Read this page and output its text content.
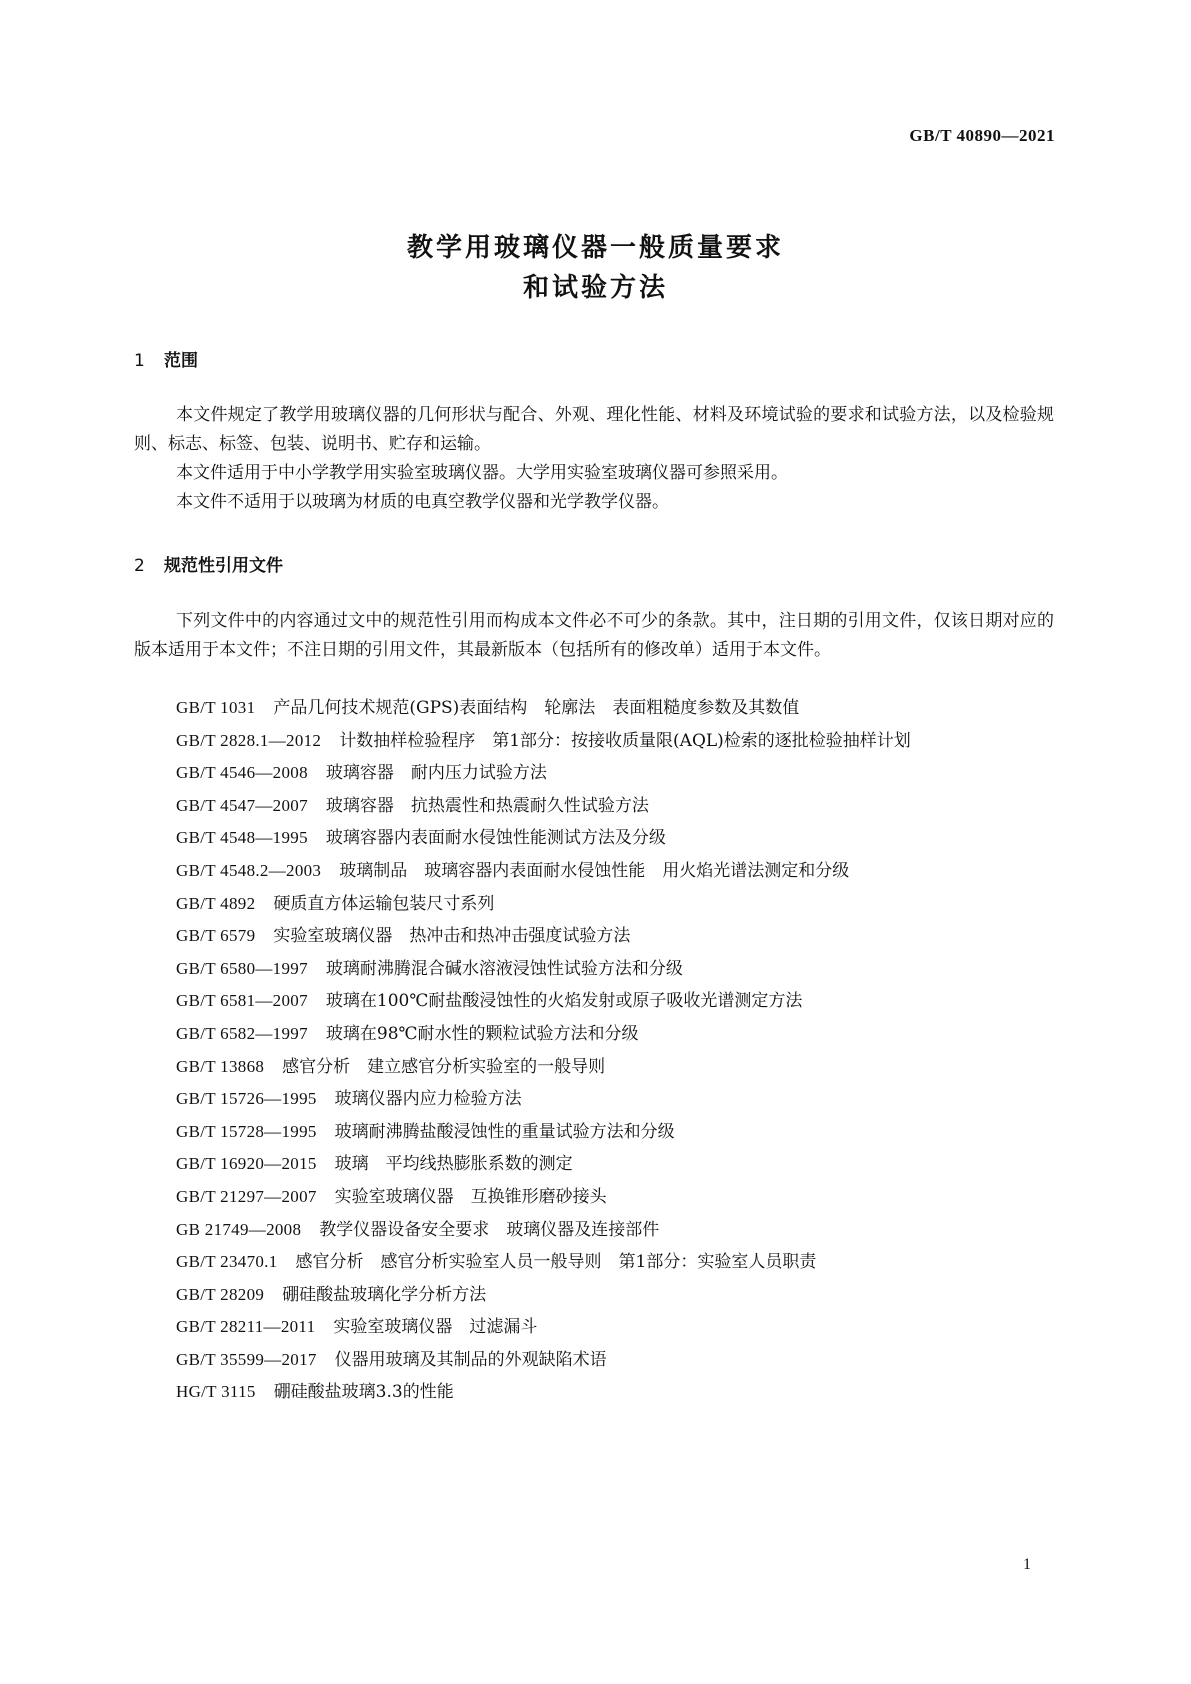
GB/T 40890—2021
教学用玻璃仪器一般质量要求
和试验方法
1 范围

本文件规定了教学用玻璃仪器的几何形状与配合、外观、理化性能、材料及环境试验的要求和试验方法，以及检验规则、标志、标签、包装、说明书、贮存和运输。

本文件适用于中小学教学用实验室玻璃仪器。大学用实验室玻璃仪器可参照采用。

本文件不适用于以玻璃为材质的电真空教学仪器和光学教学仪器。

2 规范性引用文件

下列文件中的内容通过文中的规范性引用而构成本文件必不可少的条款。其中，注日期的引用文件，仅该日期对应的版本适用于本文件；不注日期的引用文件，其最新版本（包括所有的修改单）适用于本文件。

GB/T 1031 产品几何技术规范(GPS)表面结构　轮廓法　表面粗糙度参数及其数值
GB/T 2828.1—2012 计数抽样检验程序　第1部分：按接收质量限(AQL)检索的逐批检验抽样计划
GB/T 4546—2008 玻璃容器　耐内压力试验方法
GB/T 4547—2007 玻璃容器　抗热震性和热震耐久性试验方法
GB/T 4548—1995 玻璃容器内表面耐水侵蚀性能测试方法及分级
GB/T 4548.2—2003 玻璃制品　玻璃容器内表面耐水侵蚀性能　用火焰光谱法测定和分级
GB/T 4892 硬质直方体运输包装尺寸系列
GB/T 6579 实验室玻璃仪器　热冲击和热冲击强度试验方法
GB/T 6580—1997 玻璃耐沸腾混合碱水溶液浸蚀性试验方法和分级
GB/T 6581—2007 玻璃在100℃耐盐酸浸蚀性的火焰发射或原子吸收光谱测定方法
GB/T 6582—1997 玻璃在98℃耐水性的颗粒试验方法和分级
GB/T 13868 感官分析　建立感官分析实验室的一般导则
GB/T 15726—1995 玻璃仪器内应力检验方法
GB/T 15728—1995 玻璃耐沸腾盐酸浸蚀性的重量试验方法和分级
GB/T 16920—2015 玻璃　平均线热膨胀系数的测定
GB/T 21297—2007 实验室玻璃仪器　互换锥形磨砂接头
GB 21749—2008 教学仪器设备安全要求　玻璃仪器及连接部件
GB/T 23470.1 感官分析　感官分析实验室人员一般导则　第1部分：实验室人员职责
GB/T 28209 硼硅酸盐玻璃化学分析方法
GB/T 28211—2011 实验室玻璃仪器　过滤漏斗
GB/T 35599—2017 仪器用玻璃及其制品的外观缺陷术语
HG/T 3115 硼硅酸盐玻璃3.3的性能
1
